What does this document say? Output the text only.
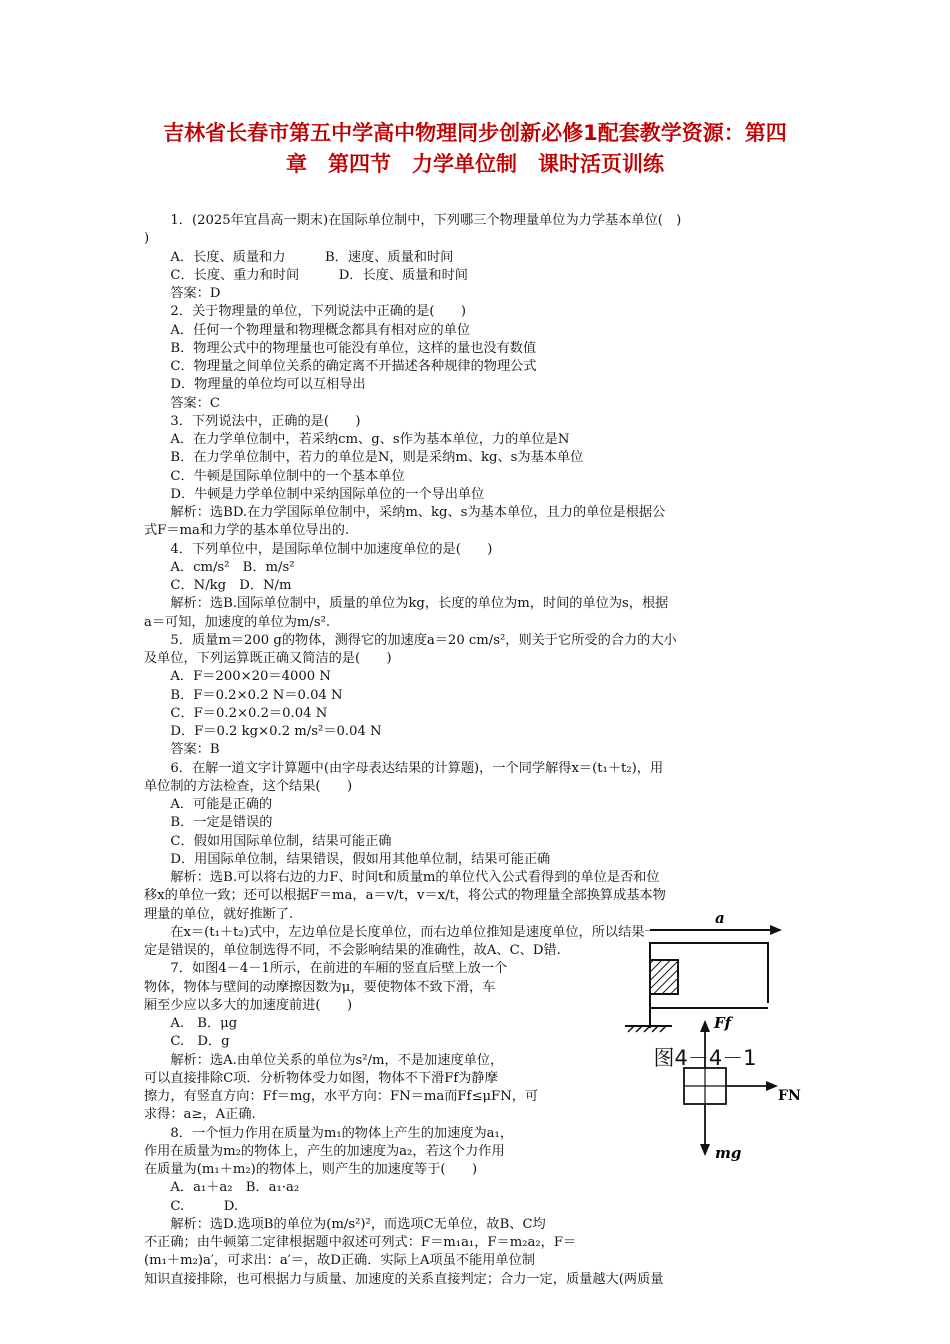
吉林省长春市第五中学高中物理同步创新必修1配套教学资源：第四
章　第四节　力学单位制　课时活页训练
　　1．(2025年宜昌高一期末)在国际单位制中，下列哪三个物理量单位为力学基本单位(　)
)
　　A．长度、质量和力　　　B．速度、质量和时间
　　C．长度、重力和时间　　　D．长度、质量和时间
　　答案：D
　　2．关于物理量的单位，下列说法中正确的是(　　)
　　A．任何一个物理量和物理概念都具有相对应的单位
　　B．物理公式中的物理量也可能没有单位，这样的量也没有数值
　　C．物理量之间单位关系的确定离不开描述各种规律的物理公式
　　D．物理量的单位均可以互相导出
　　答案：C
　　3．下列说法中，正确的是(　　)
　　A．在力学单位制中，若采纳cm、g、s作为基本单位，力的单位是N
　　B．在力学单位制中，若力的单位是N，则是采纳m、kg、s为基本单位
　　C．牛顿是国际单位制中的一个基本单位
　　D．牛顿是力学单位制中采纳国际单位的一个导出单位
　　解析：选BD.在力学国际单位制中，采纳m、kg、s为基本单位，且力的单位是根据公
式F＝ma和力学的基本单位导出的.
　　4．下列单位中，是国际单位制中加速度单位的是(　　)
　　A．cm/s²　B．m/s²
　　C．N/kg　D．N/m
　　解析：选B.国际单位制中，质量的单位为kg，长度的单位为m，时间的单位为s，根据
a＝可知，加速度的单位为m/s².
　　5．质量m＝200 g的物体，测得它的加速度a＝20 cm/s²，则关于它所受的合力的大小
及单位，下列运算既正确又简洁的是(　　)
　　A．F＝200×20＝4000 N
　　B．F＝0.2×0.2 N＝0.04 N
　　C．F＝0.2×0.2＝0.04 N
　　D．F＝0.2 kg×0.2 m/s²＝0.04 N
　　答案：B
　　6．在解一道文字计算题中(由字母表达结果的计算题)，一个同学解得x＝(t₁＋t₂)，用
单位制的方法检查，这个结果(　　)
　　A．可能是正确的
　　B．一定是错误的
　　C．假如用国际单位制，结果可能正确
　　D．用国际单位制，结果错误，假如用其他单位制，结果可能正确
　　解析：选B.可以将右边的力F、时间t和质量m的单位代入公式看得到的单位是否和位
移x的单位一致；还可以根据F＝ma，a＝v/t，v＝x/t，将公式的物理量全部换算成基本物
理量的单位，就好推断了.
　　在x＝(t₁＋t₂)式中，左边单位是长度单位，而右边单位推知是速度单位，所以结果一
定是错误的，单位制选得不同，不会影响结果的准确性，故A、C、D错.
　　7．如图4－4－1所示，在前进的车厢的竖直后壁上放一个
物体，物体与壁间的动摩擦因数为μ，要使物体不致下滑，车
厢至少应以多大的加速度前进(　　)
　　A.　B．μg
　　C.　D．g
　　解析：选A.由单位关系的单位为s²/m，不是加速度单位，
可以直接排除C项．分析物体受力如图，物体不下滑Ff为静摩
擦力，有竖直方向：Ff＝mg，水平方向：FN＝ma而Ff≤μFN，可
求得：a≥，A正确.
　　8．一个恒力作用在质量为m₁的物体上产生的加速度为a₁，
作用在质量为m₂的物体上，产生的加速度为a₂，若这个力作用
在质量为(m₁＋m₂)的物体上，则产生的加速度等于(　　)
　　A．a₁＋a₂　B．a₁·a₂
　　C.　　　D.
　　解析：选D.选项B的单位为(m/s²)²，而选项C无单位，故B、C均
不正确；由牛顿第二定律根据题中叙述可列式：F＝m₁a₁，F＝m₂a₂，F＝
(m₁＋m₂)a′，可求出：a′＝，故D正确．实际上A项虽不能用单位制
知识直接排除，也可根据力与质量、加速度的关系直接判定；合力一定，质量越大(两质量
a
Ff
FN
mg
图4－4－1
